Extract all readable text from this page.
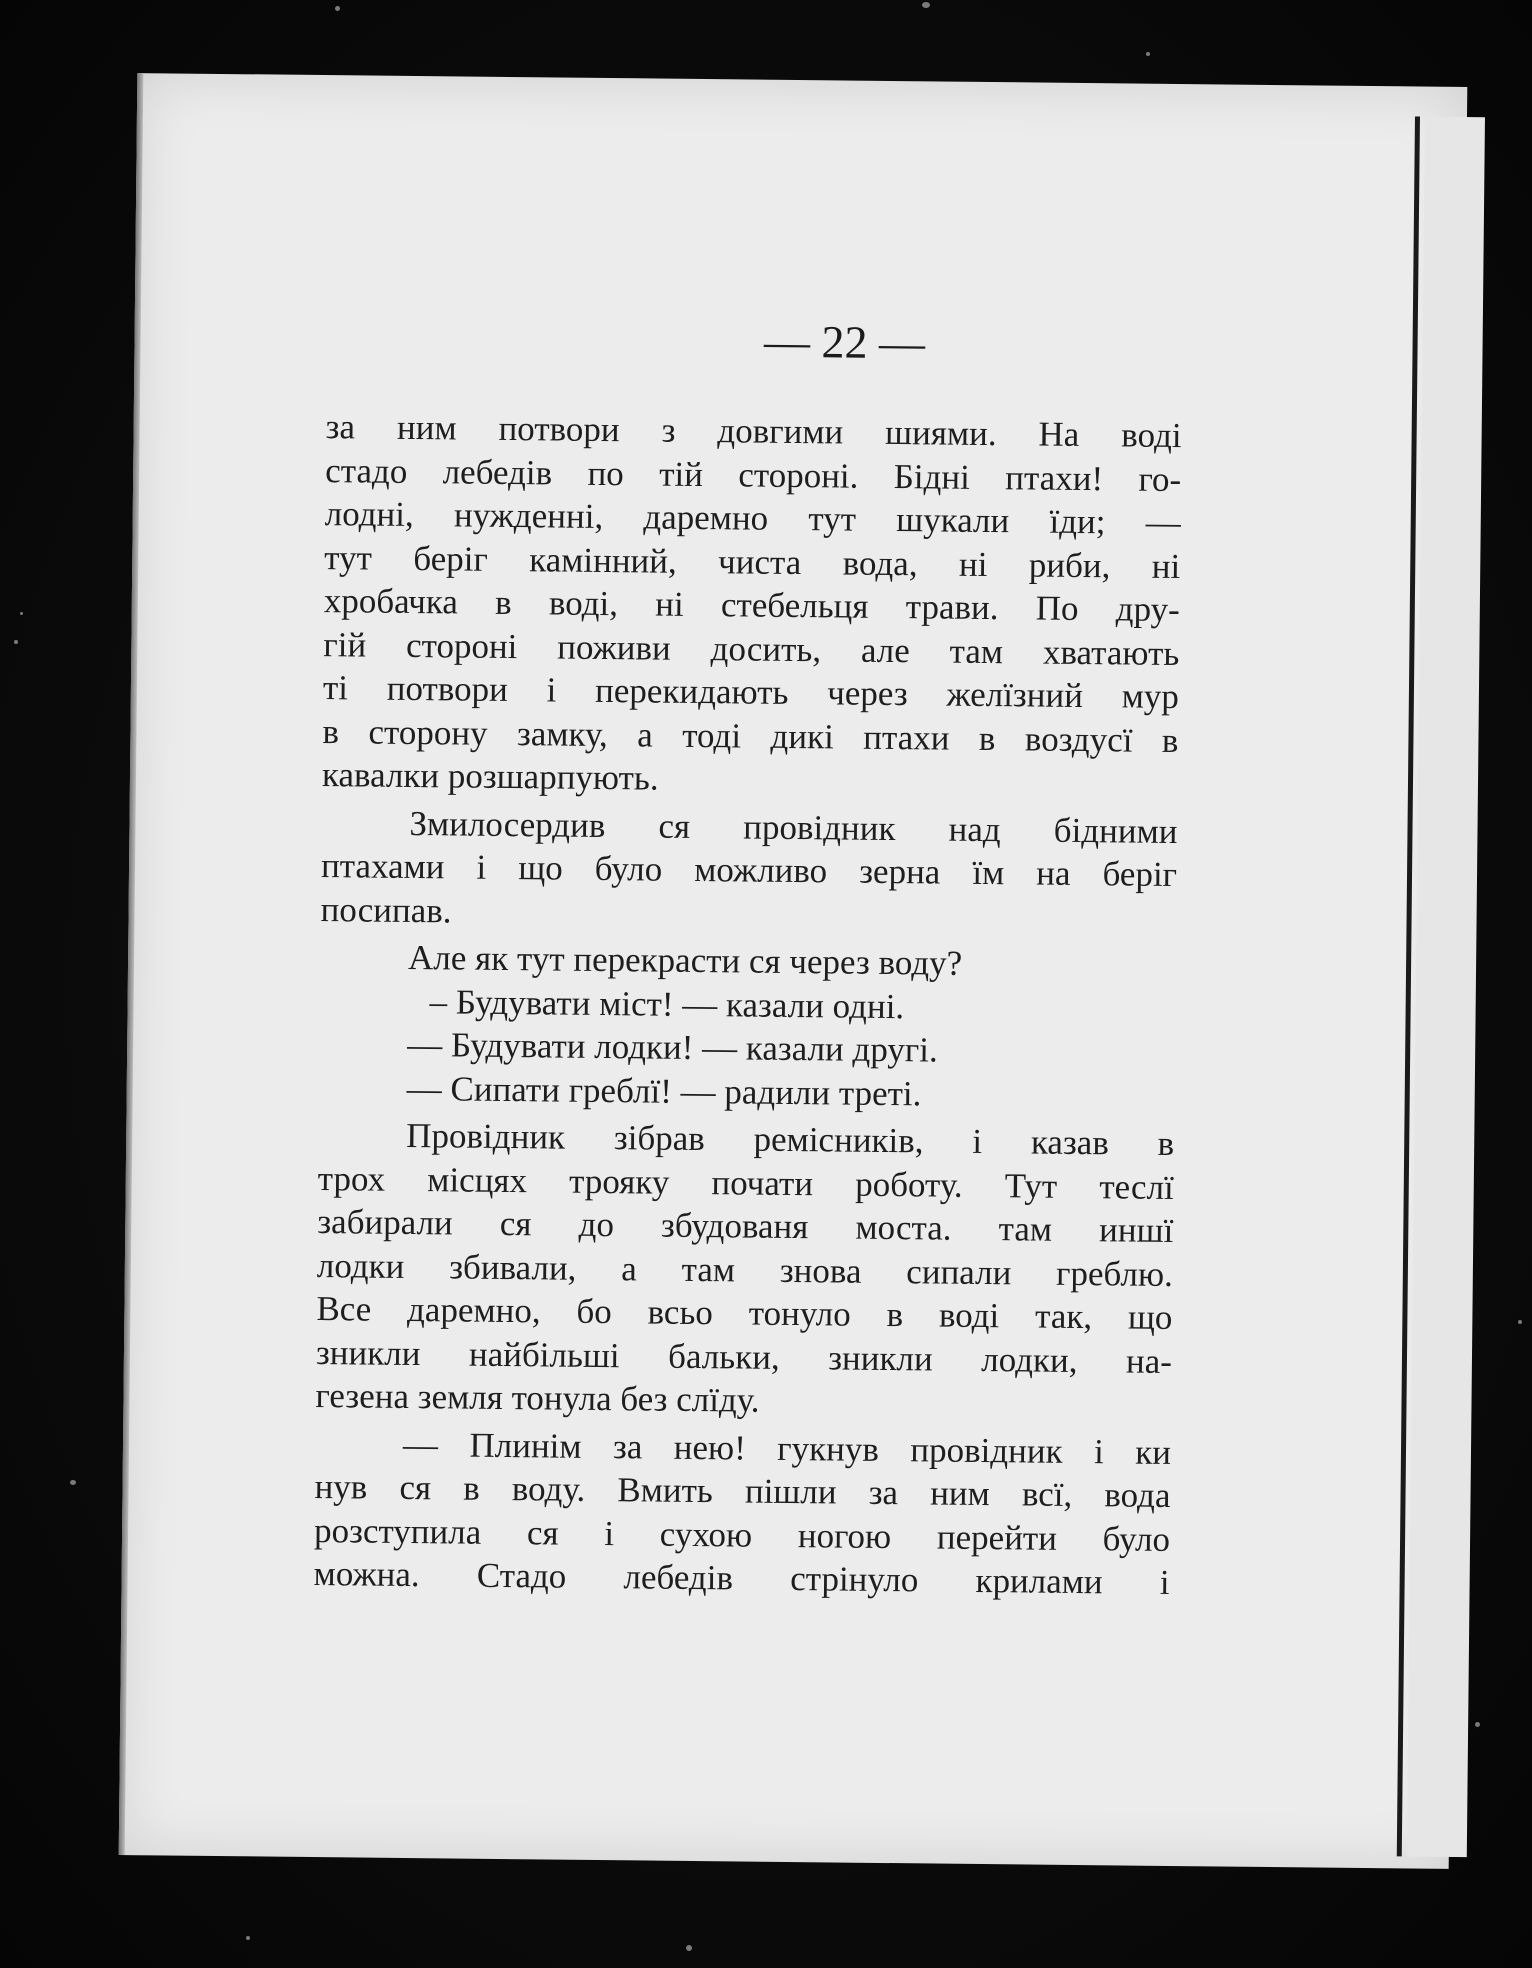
— 22 —
за ним потвори з довгими шиями. На воді
стадо лебедів по тій стороні. Бідні птахи! го-
лодні, нужденні, даремно тут шукали їди; —
тут беріг камінний, чиста вода, ні риби, ні
хробачка в воді, ні стебельця трави. По дру-
гій стороні поживи досить, але там хватають
ті потвори і перекидають через желїзний мур
в сторону замку, а тоді дикі птахи в воздусї в
кавалки розшарпують.
Змилосердив ся провідник над бідними
птахами і що було можливо зерна їм на беріг
посипав.
Але як тут перекрасти ся через воду?
– Будувати міст! — казали одні.
— Будувати лодки! — казали другі.
— Сипати греблї! — радили треті.
Провідник зібрав ремісників, і казав в
трох місцях трояку почати роботу. Тут теслї
забирали ся до збудованя моста. там иншї
лодки збивали, а там знова сипали греблю.
Все даремно, бо всьо тонуло в воді так, що
зникли найбільші бальки, зникли лодки, на-
гезена земля тонула без слїду.
— Плинім за нею! гукнув провідник і ки
нув ся в воду. Вмить пішли за ним всї, вода
розступила ся і сухою ногою перейти було
можна. Стадо лебедів стрінуло крилами і
